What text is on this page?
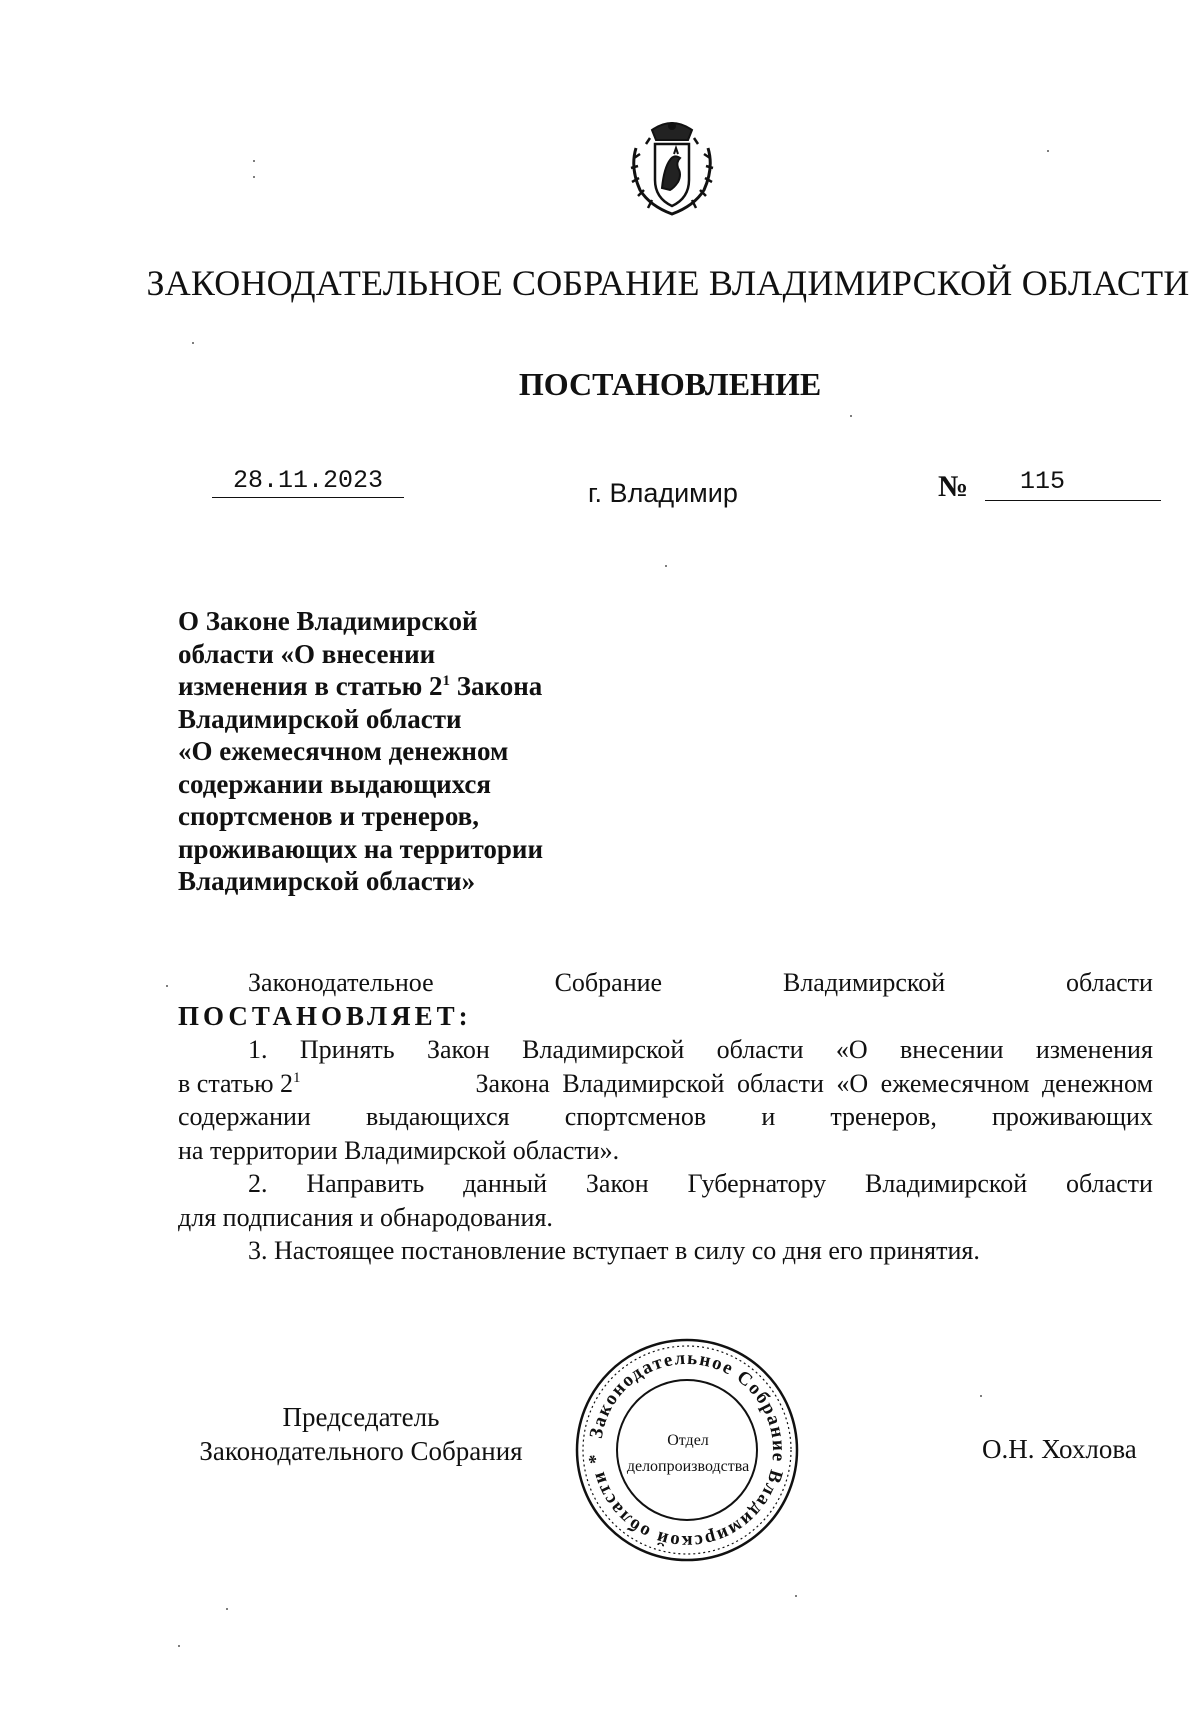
ЗАКОНОДАТЕЛЬНОЕ СОБРАНИЕ ВЛАДИМИРСКОЙ ОБЛАСТИ
ПОСТАНОВЛЕНИЕ
28.11.2023	г. Владимир	№	115
О Законе Владимирской
области «О внесении
изменения в статью $2^1$ Закона
Владимирской области
«О ежемесячном денежном
содержании выдающихся
спортсменов и тренеров,
проживающих на территории
Владимирской области»
Законодательное	Собрание	Владимирской	области
ПОСТАНОВЛЯЕТ:
1. Принять Закон Владимирской области «О внесении изменения
в статью $2^1$	Закона Владимирской области «О ежемесячном денежном
содержании выдающихся спортсменов и тренеров, проживающих
на территории Владимирской области».
2. Направить данный Закон Губернатору Владимирской области
для подписания и обнародования.
3. Настоящее постановление вступает в силу со дня его принятия.
Председатель
Законодательного Собрания	О.Н. Хохлова
Законодательное Собрание Владимирской области *
Отдел
делопроизводства
